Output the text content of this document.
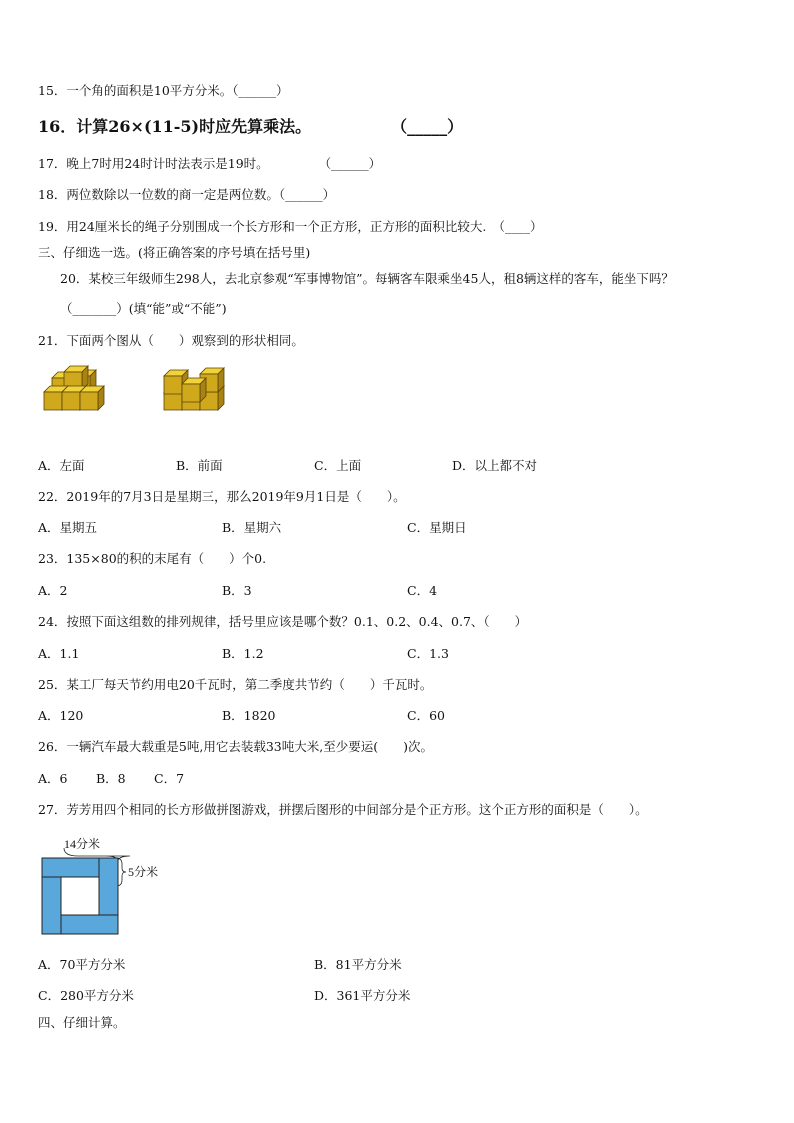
15．一个角的面积是10平方分米。（______）
16．计算26×(11-5)时应先算乘法。　　　　　　（_____）
17．晚上7时用24时计时法表示是19时。　　　　　（______）
18．两位数除以一位数的商一定是两位数。（______）
19．用24厘米长的绳子分别围成一个长方形和一个正方形，正方形的面积比较大.　（____）
三、仔细选一选。(将正确答案的序号填在括号里)
20．某校三年级师生298人，去北京参观“军事博物馆”。每辆客车限乘坐45人，租8辆这样的客车，能坐下吗？
（_______）(填“能”或“不能”)
21．下面两个图从（　　）观察到的形状相同。
A．左面	B．前面	C．上面	D．以上都不对
22．2019年的7月3日是星期三，那么2019年9月1日是（　　）。
A．星期五	B．星期六	C．星期日
23．135×80的积的末尾有（　　）个0.
A．2	B．3	C．4
24．按照下面这组数的排列规律，括号里应该是哪个数？0.1、0.2、0.4、0.7、（　　）
A．1.1	B．1.2	C．1.3
25．某工厂每天节约用电20千瓦时，第二季度共节约（　　）千瓦时。
A．120	B．1820	C．60
26．一辆汽车最大载重是5吨,用它去装载33吨大米,至少要运(　　)次。
A．6 B．8 C．7
27．芳芳用四个相同的长方形做拼图游戏，拼摆后图形的中间部分是个正方形。这个正方形的面积是（　　）。
14分米
5分米
A．70平方分米	B．81平方分米
C．280平方分米	D．361平方分米
四、仔细计算。
